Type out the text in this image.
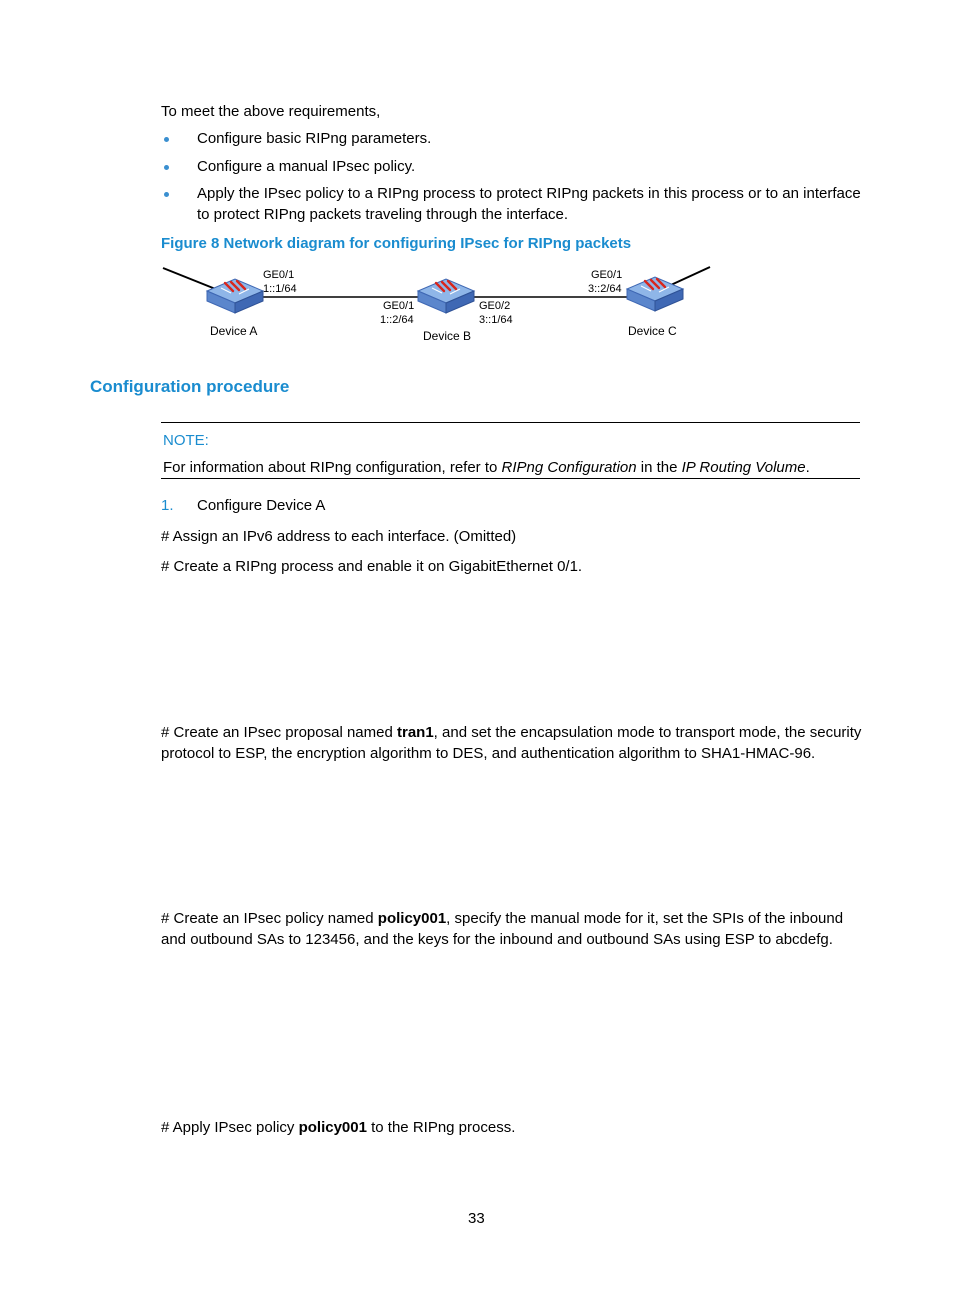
To meet the above requirements,
Configure basic RIPng parameters.
Configure a manual IPsec policy.
Apply the IPsec policy to a RIPng process to protect RIPng packets in this process or to an interface
to protect RIPng packets traveling through the interface.
Figure 8 Network diagram for configuring IPsec for RIPng packets
GE0/1
1::1/64
GE0/1
1::2/64
GE0/2
3::1/64
GE0/1
3::2/64
Device A	Device B	Device C
Configuration procedure
NOTE:
For information about RIPng configuration, refer to RIPng Configuration in the IP Routing Volume.
1. Configure Device A
# Assign an IPv6 address to each interface. (Omitted)
# Create a RIPng process and enable it on GigabitEthernet 0/1.
# Create an IPsec proposal named tran1, and set the encapsulation mode to transport mode, the security
protocol to ESP, the encryption algorithm to DES, and authentication algorithm to SHA1-HMAC-96.
# Create an IPsec policy named policy001, specify the manual mode for it, set the SPIs of the inbound
and outbound SAs to 123456, and the keys for the inbound and outbound SAs using ESP to abcdefg.
# Apply IPsec policy policy001 to the RIPng process.
33
